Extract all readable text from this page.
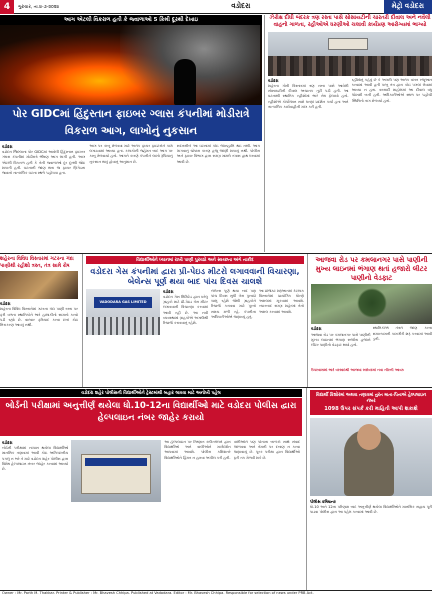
4	ગુરુવાર, તા.૪-૭-૨૦૨૪	વડોદરા	મેટ્રો વડોદરા
આગ એટલી વિકરાળ હતી કે જ્વાળાઓ 5 કિમી દૂરથી દેખાઇ
પોર GIDCમાં હિંદુસ્તાન ફાઇબર ગ્લાસ કંપનીમાં મોડીરાત્રે વિકરાળ આગ, લાખોનું નુકસાન

વડોદરા

વડોદરા જિલ્લાના પોર GIDCમાં આવેલી હિંદુસ્તાન ફાઇબર ગ્લાસ કંપનીમાં મોડીરાત્રે ભીષણ આગ લાગી હતી. આગ એટલી વિકરાળ હતી કે તેની જ્વાળાઓ દૂર દૂરથી જોઇ શકાતી હતી. ઘટનાની જાણ થતા જ ફાયર બ્રિગેડના જવાનો તાત્કાલિક ઘટના સ્થળે પહોંચ્યા હતા.

આગ પર કાબૂ મેળવવા માટે અનેક ફાયર ફાઇટરોને કામે લગાડવામાં આવ્યા હતા. કલાકોની જહેમત બાદ આગ પર કાબૂ મેળવાયો હતો. આગને કારણે કંપનીને લાખો રૂપિયાનું નુકસાન થયું હોવાનું અનુમાન છે.

સદનસીબે આ ઘટનામાં કોઇ જાનહાનિ થઇ નથી. આગ લાગવાનું ચોક્કસ કારણ હજુ જાણી શકાયું નથી. પોલીસ અને ફાયર વિભાગ દ્વારા સમગ્ર મામલે તપાસ હાથ ધરવામાં આવી છે.

ઝેરોક્ષ દીધી બંદરક ત્રણ રસ્તા પાસે સોસાયટીની ચારતરી દીવાલ અને નવેંલી વાહનો ગાળતા, રહીઓએ ધરણીઓ ચલાવી કાર્યપ્રણ આરોગ્યમાં ભાગ્યો

વડોદરા

શહેરના ગોત્રી વિસ્તારમાં ત્રણ રસ્તા પાસે આવેલી સોસાયટીની દીવાલ અચાનક તૂટી પડી હતી. આ ઘટનાથી સ્થાનિક રહીશોમાં ભારે રોષ ફેલાયો હતો. રહીશોએ કોર્પોરેશન સામે ધરણાં પ્રદર્શન કર્યા હતા અને તાત્કાલિક કાર્યવાહીની માંગ કરી હતી.

રહીશોનું કહેવું છે કે અગાઉ પણ અનેક વખત રજૂઆત કરવામાં આવી હતી પરંતુ તંત્ર દ્વારા કોઇ પગલાં લેવામાં આવ્યા ન હતા. વરસાદી માહોલમાં આ દીવાલ વધુ જોખમી બની હતી. અધિકારીઓએ સ્થળ પર પહોંચી સ્થિતિનો તાગ મેળવ્યો હતો.

શહેરના વિવિધ વિસ્તારમાં ગટરના ગંદા પાણીથી રહીશો ત્રસ્ત, તંત્ર સામે રોષ

વડોદરા

શહેરના વિવિધ વિસ્તારોમાં ગટરના ગંદા પાણી રસ્તા પર ફરી વળતા સ્થાનિકોને ભારે હાલાકીનો સામનો કરવો પડી રહ્યો છે. વારંવાર ફરિયાદ કરવા છતાં કોઇ નિરાકરણ આવ્યું નથી.

વિદ્યાર્થીઓને ધ્યાનમાં રાખી પાણી પુરવઠો અને સ્વચ્છતા અંગે તાકીદ
વડોદરા ગેસ કંપનીમાં દ્વારા પ્રી-પેઇડ મીટરો લગાવવાની વિચારણા, બેલેન્સ પૂર્ણ થયા બાદ પાંચ દિવસ ચાલશે
VADODARA GAS LIMITED

વડોદરા

વડોદરા ગેસ લિમિટેડ દ્વારા ઘરેલુ ગ્રાહકો માટે પ્રી-પેઇડ ગેસ મીટર લગાવવાની વિચારણા કરવામાં આવી રહી છે. આ નવી વ્યવસ્થામાં ગ્રાહકોએ અગાઉથી રિચાર્જ કરાવવાનું રહેશે.

બેલેન્સ પૂર્ણ થયા બાદ પણ પાંચ દિવસ સુધી ગેસ પુરવઠો ચાલુ રહેશે જેથી ગ્રાહકોને રિચાર્જ કરાવવા માટે પૂરતો સમય મળી રહે. કંપનીના અધિકારીઓએ જણાવ્યું હતું.

આ પ્રોજેક્ટ શરૂઆતમાં કેટલાક વિસ્તારોમાં પ્રાયોગિક ધોરણે અમલમાં મૂકવામાં આવશે. ત્યારબાદ સમગ્ર શહેરમાં તેનો અમલ કરવામાં આવશે.

આજવા રોડ પર કમલાનગર પાસે પાણીની મુખ્ય લાઇનમાં ભંગાણ થતાં હજારો લીટર પાણીનો વેડફાટ

વડોદરા

આજવા રોડ પર કમલાનગર પાસે પાણીની મુખ્ય લાઇનમાં ભંગાણ સર્જાતા હજારો લીટર પાણીનો વેડફાટ થયો હતો.

સ્થાનિકોએ તંત્રને જાણ કરતા સમારકામની કામગીરી શરૂ કરવામાં આવી હતી.

ઉપરવાસમાં ભારે વરસાદથી આજવા સરોવરમાં નવા નીરની આવક
વડોદરા શહેર પોલીસની વિદ્યાર્થીઓને ટ્રેસ્ટમાંથી બહાર લાવવા માટે અનોખી પહેલ
બોર્ડની પરીક્ષામાં અનુત્તીર્ણ થયેલા ધો.10-12ના વિદ્યાર્થીઓ માટે વડોદરા પોલીસ દ્વારા હેલ્પલાઇન નંબર જાહેર કરાયો

વડોદરા

બોર્ડની પરીક્ષામાં નાપાસ થયેલા વિદ્યાર્થીઓ માનસિક તણાવમાં આવી કોઇ અનિચ્છનીય પગલું ન ભરે તે માટે વડોદરા શહેર પોલીસ દ્વારા વિશેષ હેલ્પલાઇન નંબર જાહેર કરવામાં આવ્યો છે.

આ હેલ્પલાઇન પર નિષ્ણાત કાઉન્સેલરો દ્વારા વિદ્યાર્થીઓ અને વાલીઓને માર્ગદર્શન આપવામાં આવશે. પોલીસ કમિશનરે વિદ્યાર્થીઓને હિંમત ન હારવા અપીલ કરી હતી.

વાલીઓને પણ પોતાના બાળકો સાથે સંવાદ જાળવવા અને તેમની પર દબાણ ન કરવા જણાવાયું છે. પૂરક પરીક્ષા દ્વારા વિદ્યાર્થીઓ ફરી તક મેળવી શકે છે.

વિદ્યાર્થી કિશોરમાં અથવા તણાવમાં તુરંત માતા-પિતાએ હેલ્પલાઇન નંબર
1098 ઉપર સંપર્ક કરી માહિતી આપી શકાશે

પોલીસ કમિશનર

ધો.10 અને 12ના પરિણામ બાદ અનુત્તીર્ણ થયેલા વિદ્યાર્થીઓને માનસિક સહાય પૂરી પાડવા પોલીસ દ્વારા આ પહેલ કરવામાં આવી છે.

Owner : Mr. Parth M. Thakkar. Printer & Publisher : Mr. Bhavesh Chhipa. Published at Vadodara. Editor : Mr. Bhavesh Chhipa. Responsible for selection of news under PRB Act.
